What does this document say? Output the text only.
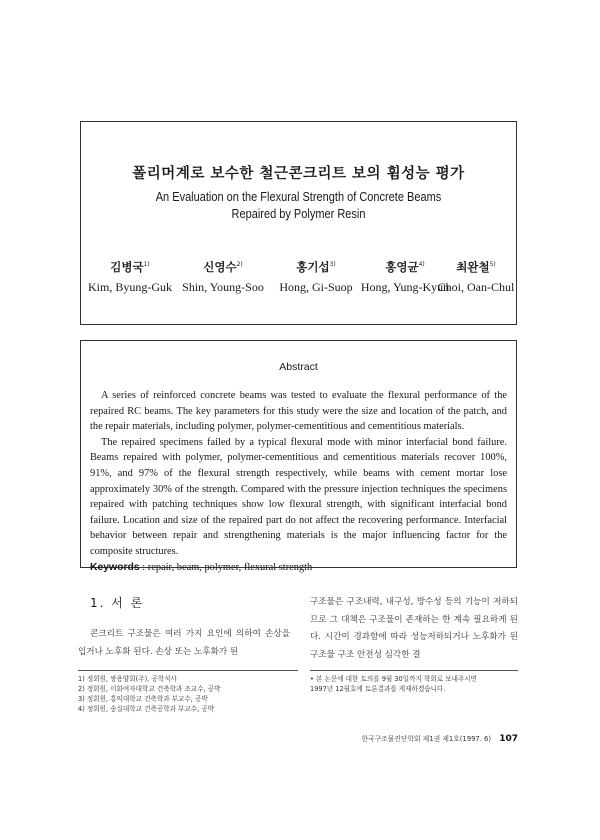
폴리머계로 보수한 철근콘크리트 보의 휨성능 평가
An Evaluation on the Flexural Strength of Concrete Beams
Repaired by Polymer Resin
김병국$^{1)}$
Kim, Byung-Guk
신영수$^{2)}$
Shin, Young-Soo
홍기섭$^{3)}$
Hong, Gi-Suop
홍영균$^{4)}$
Hong, Yung-Kyun
최완철$^{5)}$
Choi, Oan-Chul
Abstract

A series of reinforced concrete beams was tested to evaluate the flexural performance of the repaired RC beams. The key parameters for this study were the size and location of the patch, and the repair materials, including polymer, polymer-cementitious and cementitious materials.

The repaired specimens failed by a typical flexural mode with minor interfacial bond failure. Beams repaired with polymer, polymer-cementitious and cementitious materials recover 100%, 91%, and 97% of the flexural strength respectively, while beams with cement mortar lose approximately 30% of the strength. Compared with the pressure injection techniques the specimens repaired with patching techniques show low flexural strength, with significant interfacial bond failure. Location and size of the repaired part do not affect the recovering performance. Interfacial behavior between repair and strengthening materials is the major influencing factor for the composite structures.

Keywords : repair, beam, polymer, flexural strength
1. 서 론

콘크리트 구조물은 여러 가지 요인에 의하여 손상을 입거나 노후화 된다. 손상 또는 노후화가 된

구조물은 구조내력, 내구성, 방수성 등의 기능이 저하되므로 그 대책은 구조물이 존재하는 한 계속 필요하게 된다. 시간이 경과함에 따라 성능저하되거나 노후화가 된 구조물 구조 안전성 심각한 결

1) 정회원, 쌍용양회(주), 공학석사
2) 정회원, 이화여자대학교 건축학과 조교수, 공박
3) 정회원, 홍익대학교 건축학과 부교수, 공박
4) 정회원, 숭실대학교 건축공학과 부교수, 공박
• 본 논문에 대한 토의를 9월 30일까지 학회로 보내주시면
1997년 12월호에 토론결과를 게재하겠습니다.
한국구조물진단학회 제1권 제1호(1997. 6) 107
